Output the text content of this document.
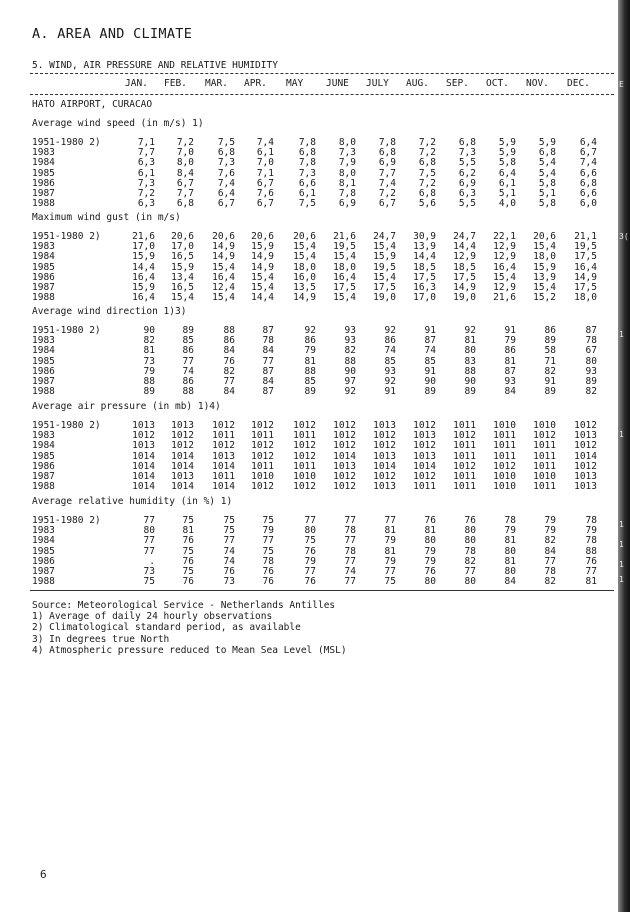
A. AREA AND CLIMATE
5. WIND, AIR PRESSURE AND RELATIVE HUMIDITY
JAN. FEB. MAR. APR. MAY JUNE JULY AUG. SEP. OCT. NOV. DEC.
HATO AIRPORT, CURACAO
Average wind speed (in m/s) 1)
1951-1980 2)	7,1	7,2	7,5	7,4	7,8	8,0	7,8	7,2	6,8	5,9	5,9	6,4
1983	7,7	7,0	6,8	6,1	6,8	7,3	6,8	7,2	7,3	5,9	6,8	6,7
1984	6,3	8,0	7,3	7,0	7,8	7,9	6,9	6,8	5,5	5,8	5,4	7,4
1985	6,1	8,4	7,6	7,1	7,3	8,0	7,7	7,5	6,2	6,4	5,4	6,6
1986	7,3	6,7	7,4	6,7	6,6	8,1	7,4	7,2	6,9	6,1	5,8	6,8
1987	7,2	7,7	6,4	7,6	6,1	7,8	7,2	6,8	6,3	5,1	5,1	6,6
1988	6,3	6,8	6,7	6,7	7,5	6,9	6,7	5,6	5,5	4,0	5,8	6,0
Maximum wind gust (in m/s)
1951-1980 2)	21,6	20,6	20,6	20,6	20,6	21,6	24,7	30,9	24,7	22,1	20,6	21,1
1983	17,0	17,0	14,9	15,9	15,4	19,5	15,4	13,9	14,4	12,9	15,4	19,5
1984	15,9	16,5	14,9	14,9	15,4	15,4	15,9	14,4	12,9	12,9	18,0	17,5
1985	14,4	15,9	15,4	14,9	18,0	18,0	19,5	18,5	18,5	16,4	15,9	16,4
1986	16,4	13,4	16,4	15,4	16,0	16,4	15,4	17,5	17,5	15,4	13,9	14,9
1987	15,9	16,5	12,4	15,4	13,5	17,5	17,5	16,3	14,9	12,9	15,4	17,5
1988	16,4	15,4	15,4	14,4	14,9	15,4	19,0	17,0	19,0	21,6	15,2	18,0
Average wind direction 1)3)
1951-1980 2)	90	89	88	87	92	93	92	91	92	91	86	87
1983	82	85	86	78	86	93	86	87	81	79	89	78
1984	81	86	84	84	79	82	74	74	80	86	58	67
1985	73	77	76	77	81	88	85	85	83	81	71	80
1986	79	74	82	87	88	90	93	91	88	87	82	93
1987	88	86	77	84	85	97	92	90	90	93	91	89
1988	89	88	84	87	89	92	91	89	89	84	89	82
Average air pressure (in mb) 1)4)
1951-1980 2)	1013	1013	1012	1012	1012	1012	1013	1012	1011	1010	1010	1012
1983	1012	1012	1011	1011	1011	1012	1012	1013	1012	1011	1012	1013
1984	1013	1012	1012	1012	1012	1012	1012	1012	1011	1011	1011	1012
1985	1014	1014	1013	1012	1012	1014	1013	1013	1011	1011	1011	1014
1986	1014	1014	1014	1011	1011	1013	1014	1014	1012	1012	1011	1012
1987	1014	1013	1011	1010	1010	1012	1012	1012	1011	1010	1010	1013
1988	1014	1014	1014	1012	1012	1012	1013	1011	1011	1010	1011	1013
Average relative humidity (in %) 1)
1951-1980 2)	77	75	75	75	77	77	77	76	76	78	79	78
1983	80	81	75	79	80	78	81	81	80	79	79	79
1984	77	76	77	77	75	77	79	80	80	81	82	78
1985	77	75	74	75	76	78	81	79	78	80	84	88
1986	.	76	74	78	79	77	79	79	82	81	77	76
1987	73	75	76	76	77	74	77	76	77	80	78	77
1988	75	76	73	76	76	77	75	80	80	84	82	81
Source: Meteorological Service - Netherlands Antilles
1) Average of daily 24 hourly observations
2) Climatological standard period, as available
3) In degrees true North
4) Atmospheric pressure reduced to Mean Sea Level (MSL)
6
E
3(
1
1
1
1
1
1
